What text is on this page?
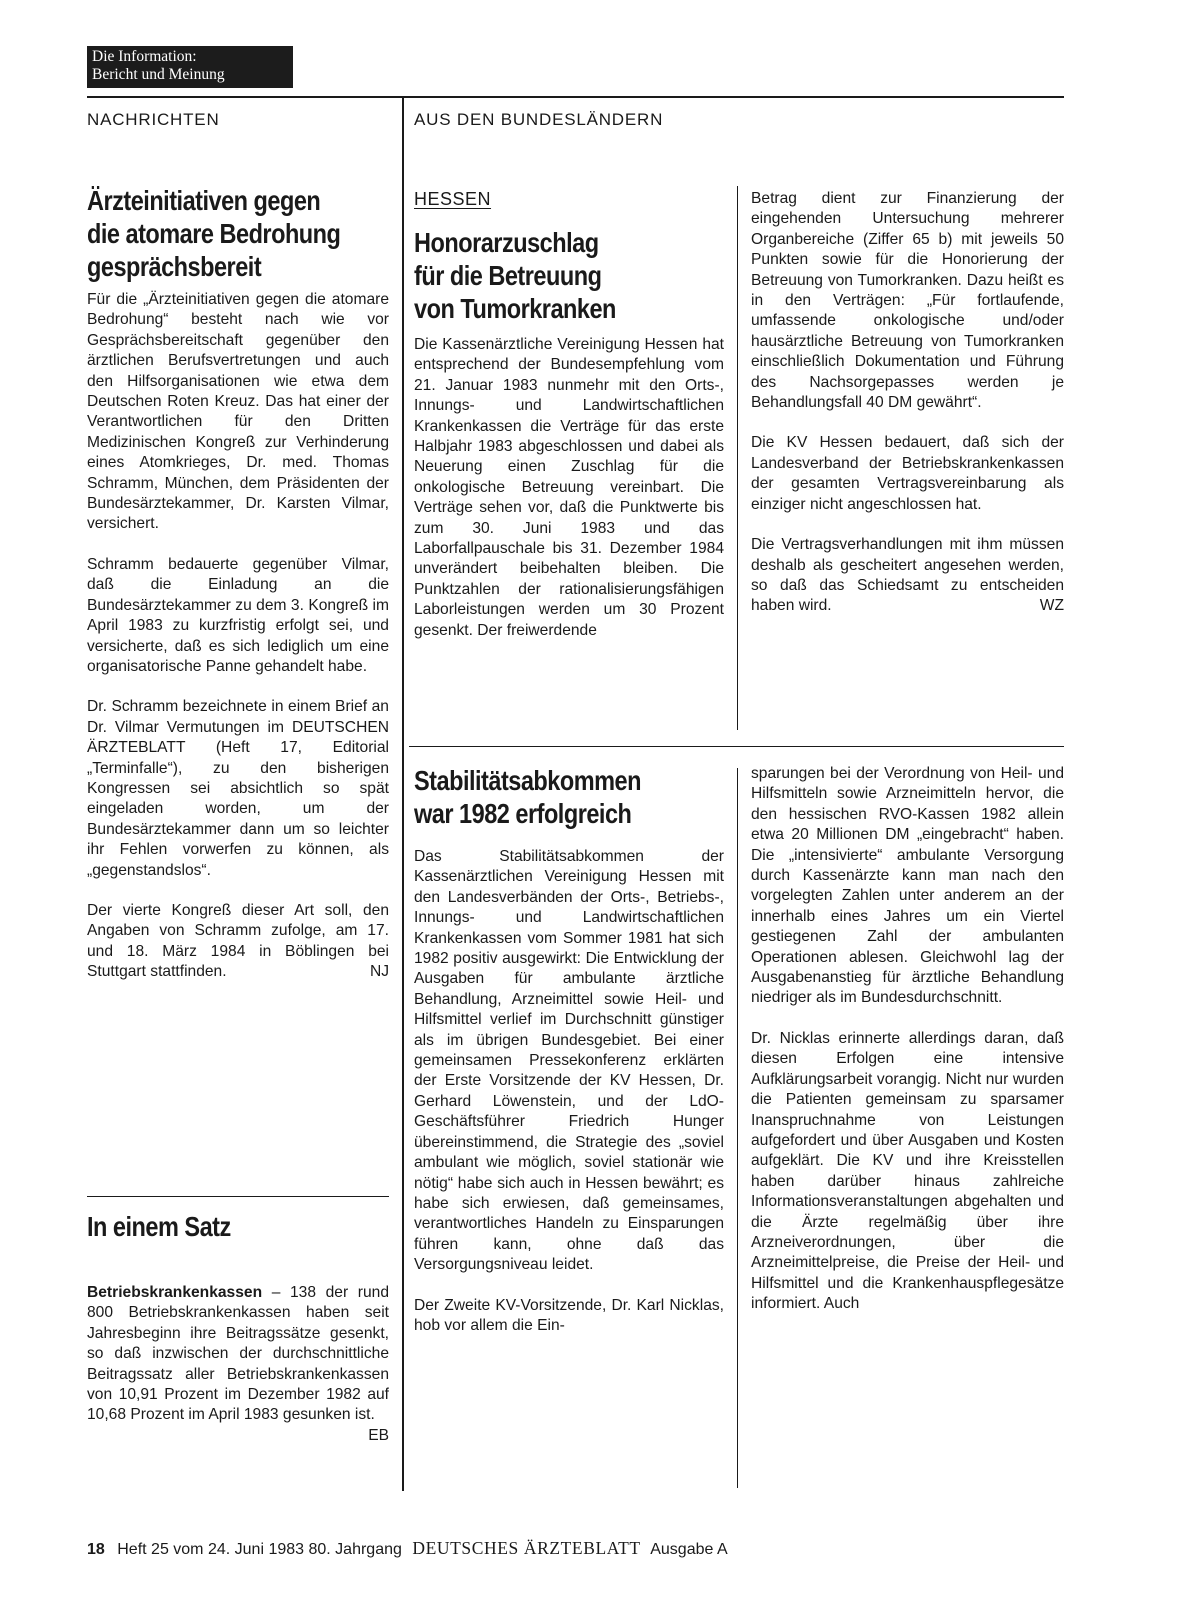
Die Information:
Bericht und Meinung
NACHRICHTEN	AUS DEN BUNDESLÄNDERN
Ärzteinitiativen gegen
die atomare Bedrohung
gesprächsbereit

Für die „Ärzteinitiativen gegen die atomare Bedrohung“ besteht nach wie vor Gesprächsbereitschaft gegenüber den ärztlichen Berufsvertretungen und auch den Hilfsorganisationen wie etwa dem Deutschen Roten Kreuz. Das hat einer der Verantwortlichen für den Dritten Medizinischen Kongreß zur Verhinderung eines Atomkrieges, Dr. med. Thomas Schramm, München, dem Präsidenten der Bundesärztekammer, Dr. Karsten Vilmar, versichert.

Schramm bedauerte gegenüber Vilmar, daß die Einladung an die Bundesärztekammer zu dem 3. Kongreß im April 1983 zu kurzfristig erfolgt sei, und versicherte, daß es sich lediglich um eine organisatorische Panne gehandelt habe.

Dr. Schramm bezeichnete in einem Brief an Dr. Vilmar Vermutungen im DEUTSCHEN ÄRZTEBLATT (Heft 17, Editorial „Terminfalle“), zu den bisherigen Kongressen sei absichtlich so spät eingeladen worden, um der Bundesärztekammer dann um so leichter ihr Fehlen vorwerfen zu können, als „gegenstandslos“.

Der vierte Kongreß dieser Art soll, den Angaben von Schramm zufolge, am 17. und 18. März 1984 in Böblingen bei Stuttgart stattfinden.	NJ

In einem Satz

Betriebskrankenkassen – 138 der rund 800 Betriebskrankenkassen haben seit Jahresbeginn ihre Beitragssätze gesenkt, so daß inzwischen der durchschnittliche Beitragssatz aller Betriebskrankenkassen von 10,91 Prozent im Dezember 1982 auf 10,68 Prozent im April 1983 gesunken ist.
EB

HESSEN
Honorarzuschlag
für die Betreuung
von Tumorkranken

Die Kassenärztliche Vereinigung Hessen hat entsprechend der Bundesempfehlung vom 21. Januar 1983 nunmehr mit den Orts-, Innungs- und Landwirtschaftlichen Krankenkassen die Verträge für das erste Halbjahr 1983 abgeschlossen und dabei als Neuerung einen Zuschlag für die onkologische Betreuung vereinbart. Die Verträge sehen vor, daß die Punktwerte bis zum 30. Juni 1983 und das Laborfallpauschale bis 31. Dezember 1984 unverändert beibehalten bleiben. Die Punktzahlen der rationalisierungsfähigen Laborleistungen werden um 30 Prozent gesenkt. Der freiwerdende

Betrag dient zur Finanzierung der eingehenden Untersuchung mehrerer Organbereiche (Ziffer 65 b) mit jeweils 50 Punkten sowie für die Honorierung der Betreuung von Tumorkranken. Dazu heißt es in den Verträgen: „Für fortlaufende, umfassende onkologische und/oder hausärztliche Betreuung von Tumorkranken einschließlich Dokumentation und Führung des Nachsorgepasses werden je Behandlungsfall 40 DM gewährt“.

Die KV Hessen bedauert, daß sich der Landesverband der Betriebskrankenkassen der gesamten Vertragsvereinbarung als einziger nicht angeschlossen hat.

Die Vertragsverhandlungen mit ihm müssen deshalb als gescheitert angesehen werden, so daß das Schiedsamt zu entscheiden haben wird.	WZ

Stabilitätsabkommen
war 1982 erfolgreich

Das Stabilitätsabkommen der Kassenärztlichen Vereinigung Hessen mit den Landesverbänden der Orts-, Betriebs-, Innungs- und Landwirtschaftlichen Krankenkassen vom Sommer 1981 hat sich 1982 positiv ausgewirkt: Die Entwicklung der Ausgaben für ambulante ärztliche Behandlung, Arzneimittel sowie Heil- und Hilfsmittel verlief im Durchschnitt günstiger als im übrigen Bundesgebiet. Bei einer gemeinsamen Pressekonferenz erklärten der Erste Vorsitzende der KV Hessen, Dr. Gerhard Löwenstein, und der LdO-Geschäftsführer Friedrich Hunger übereinstimmend, die Strategie des „soviel ambulant wie möglich, soviel stationär wie nötig“ habe sich auch in Hessen bewährt; es habe sich erwiesen, daß gemeinsames, verantwortliches Handeln zu Einsparungen führen kann, ohne daß das Versorgungsniveau leidet.

Der Zweite KV-Vorsitzende, Dr. Karl Nicklas, hob vor allem die Ein-

sparungen bei der Verordnung von Heil- und Hilfsmitteln sowie Arzneimitteln hervor, die den hessischen RVO-Kassen 1982 allein etwa 20 Millionen DM „eingebracht“ haben. Die „intensivierte“ ambulante Versorgung durch Kassenärzte kann man nach den vorgelegten Zahlen unter anderem an der innerhalb eines Jahres um ein Viertel gestiegenen Zahl der ambulanten Operationen ablesen. Gleichwohl lag der Ausgabenanstieg für ärztliche Behandlung niedriger als im Bundesdurchschnitt.

Dr. Nicklas erinnerte allerdings daran, daß diesen Erfolgen eine intensive Aufklärungsarbeit vorangig. Nicht nur wurden die Patienten gemeinsam zu sparsamer Inanspruchnahme von Leistungen aufgefordert und über Ausgaben und Kosten aufgeklärt. Die KV und ihre Kreisstellen haben darüber hinaus zahlreiche Informationsveranstaltungen abgehalten und die Ärzte regelmäßig über ihre Arzneiverordnungen, über die Arzneimittelpreise, die Preise der Heil- und Hilfsmittel und die Krankenhauspflegesätze informiert. Auch

18 Heft 25 vom 24. Juni 1983 80. Jahrgang DEUTSCHES ÄRZTEBLATT Ausgabe A
